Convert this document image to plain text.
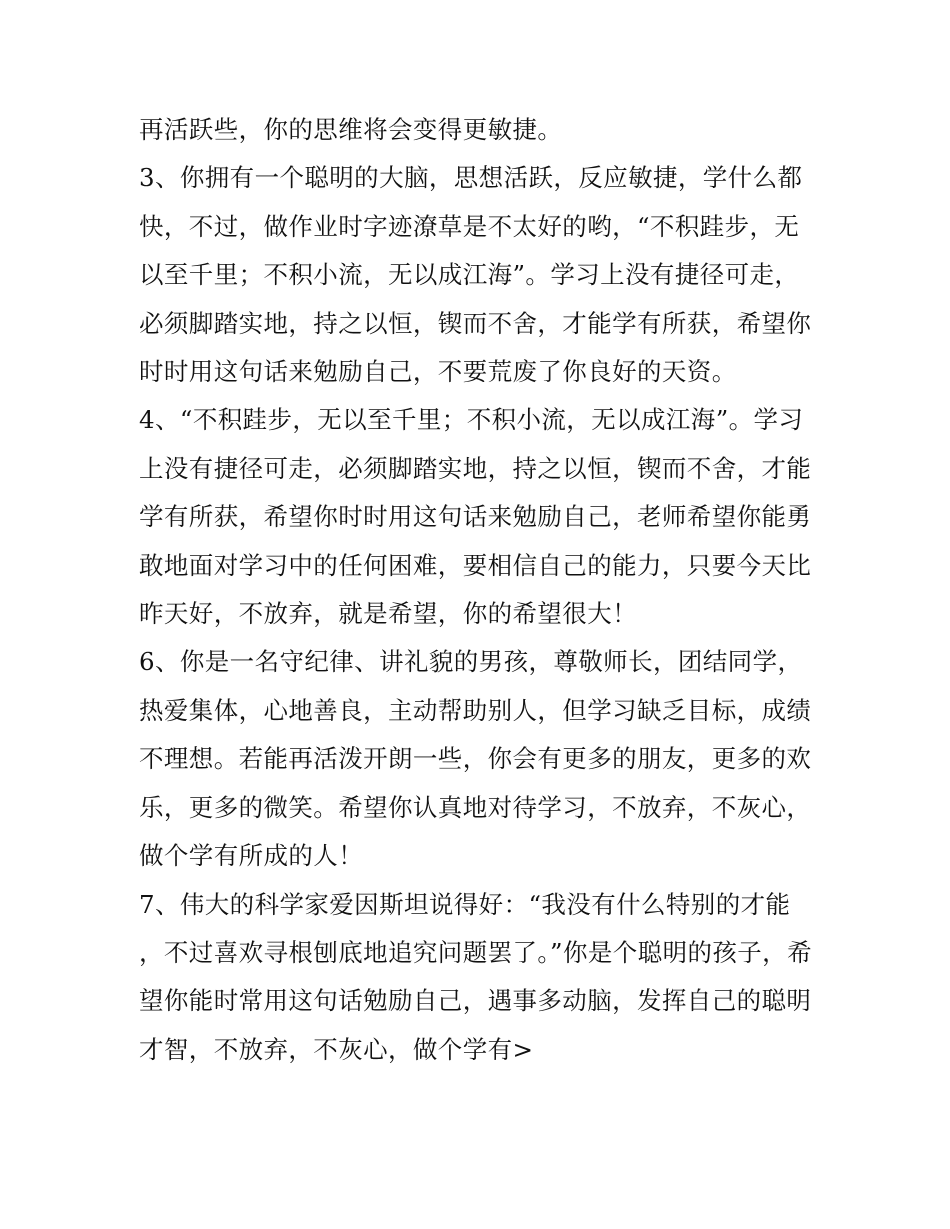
再活跃些，你的思维将会变得更敏捷。

3、你拥有一个聪明的大脑，思想活跃，反应敏捷，学什么都快，不过，做作业时字迹潦草是不太好的哟，“不积跬步，无以至千里；不积小流，无以成江海”。学习上没有捷径可走，必须脚踏实地，持之以恒，锲而不舍，才能学有所获，希望你时时用这句话来勉励自己，不要荒废了你良好的天资。

4、“不积跬步，无以至千里；不积小流，无以成江海”。学习上没有捷径可走，必须脚踏实地，持之以恒，锲而不舍，才能学有所获，希望你时时用这句话来勉励自己，老师希望你能勇敢地面对学习中的任何困难，要相信自己的能力，只要今天比昨天好，不放弃，就是希望，你的希望很大！

6、你是一名守纪律、讲礼貌的男孩，尊敬师长，团结同学，热爱集体，心地善良，主动帮助别人，但学习缺乏目标，成绩不理想。若能再活泼开朗一些，你会有更多的朋友，更多的欢乐，更多的微笑。希望你认真地对待学习，不放弃，不灰心，做个学有所成的人！

7、伟大的科学家爱因斯坦说得好：“我没有什么特别的才能，不过喜欢寻根刨底地追究问题罢了。”你是个聪明的孩子，希望你能时常用这句话勉励自己，遇事多动脑，发挥自己的聪明才智，不放弃，不灰心，做个学有>
